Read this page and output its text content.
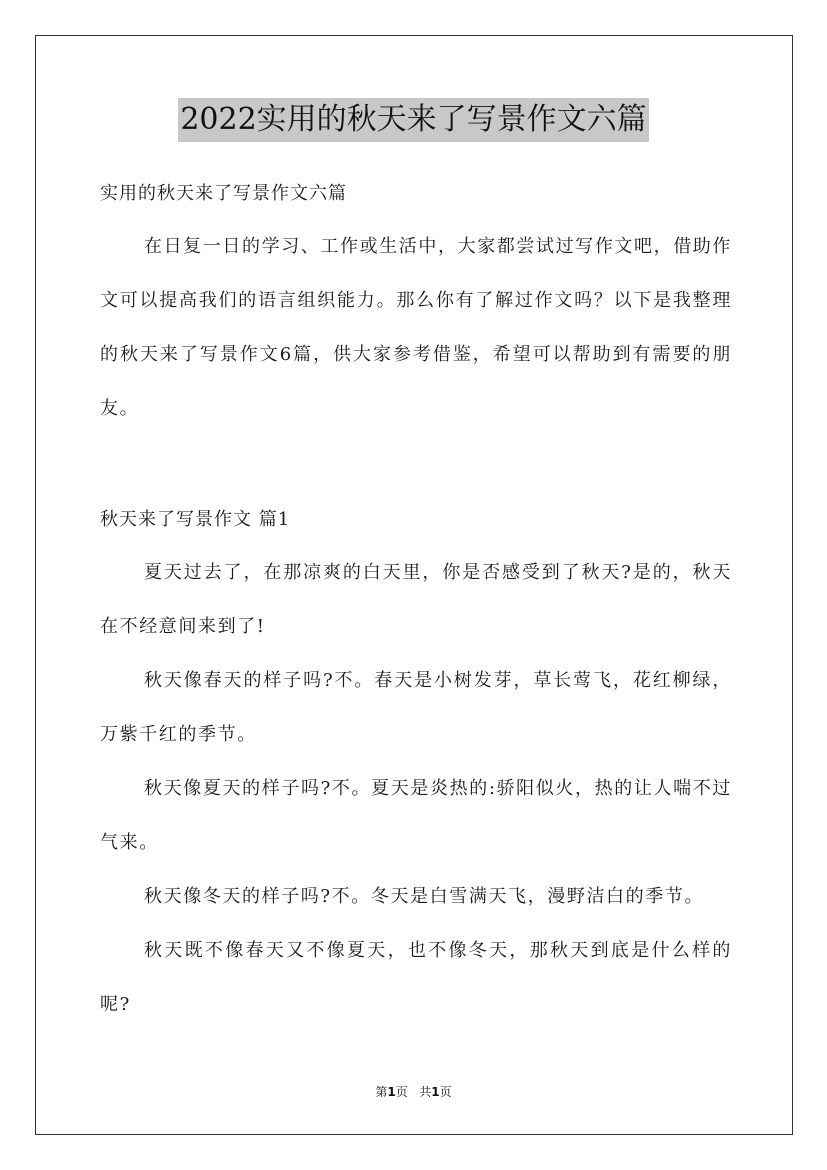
2022实用的秋天来了写景作文六篇

实用的秋天来了写景作文六篇

在日复一日的学习、工作或生活中，大家都尝试过写作文吧，借助作文可以提高我们的语言组织能力。那么你有了解过作文吗？以下是我整理的秋天来了写景作文6篇，供大家参考借鉴，希望可以帮助到有需要的朋友。

秋天来了写景作文 篇1

夏天过去了，在那凉爽的白天里，你是否感受到了秋天?是的，秋天在不经意间来到了!

秋天像春天的样子吗?不。春天是小树发芽，草长莺飞，花红柳绿，万紫千红的季节。

秋天像夏天的样子吗?不。夏天是炎热的:骄阳似火，热的让人喘不过气来。

秋天像冬天的样子吗?不。冬天是白雪满天飞，漫野洁白的季节。

秋天既不像春天又不像夏天，也不像冬天，那秋天到底是什么样的呢?

第1页   共1页
